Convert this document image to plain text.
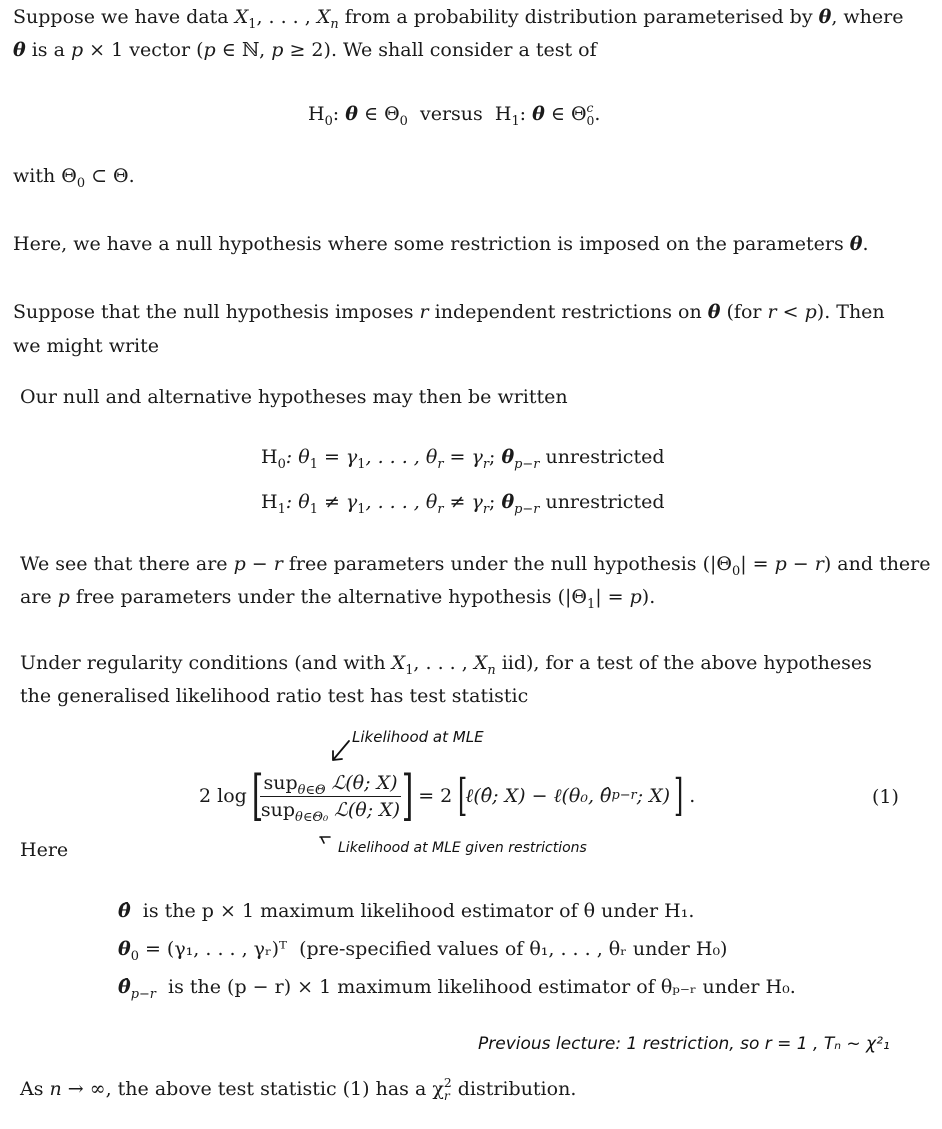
Suppose we have data $X_1$, . . . , $X_n$ from a probability distribution parameterised by θ, where
θ is a p × 1 vector (p ∈ ℕ, p ≥ 2). We shall consider a test of
$H_0$: θ ∈ $\Theta_0$  versus  $H_1$: θ ∈ Θ c
0 .
with $\Theta_0$ ⊂ Θ.
Here, we have a null hypothesis where some restriction is imposed on the parameters θ.
Suppose that the null hypothesis imposes r independent restrictions on θ (for r < p). Then
we might write
Our null and alternative hypotheses may then be written
$H_0$: $\theta_1 = \gamma_1$, . . . , $\theta_r = \gamma_r$; $\theta_{p-r}$ unrestricted
$H_1$: $\theta_1 \ne \gamma_1$, . . . , $\theta_r \ne \gamma_r$; $\theta_{p-r}$ unrestricted
We see that there are p − r free parameters under the null hypothesis $(|\Theta_0| = p - r)$ and there
are p free parameters under the alternative hypothesis $(|\Theta_1| = p)$.
Under regularity conditions (and with $X_1$, . . . , $X_n$ iid), for a test of the above hypotheses
the generalised likelihood ratio test has test statistic
Likelihood at MLE
2 log [
$\frac{sup_{\theta\in\Theta} ℒ(\theta; X)}{sup_{\theta\in\Theta_0} ℒ(\theta; X)}$
] = 2 [
ℓ(θ̂; X) − ℓ(θ₀, θ̂ p−r ; X) ] .	(1)
Here	Likelihood at MLE given restrictions
θ̂  is the p × 1 maximum likelihood estimator of θ under H₁.
$\theta_0 = (\gamma_1$, . . . , γᵣ)ᵀ  (pre-specified values of θ₁, . . . , θᵣ under H₀)
$\thetâ_{p-r}$  is the (p − r) × 1 maximum likelihood estimator of θₚ₋ᵣ under H₀.
Previous lecture: 1 restriction, so r = 1 , Tₙ ~ χ²₁
As n → ∞, the above test statistic (1) has a χ 2
r distribution.
